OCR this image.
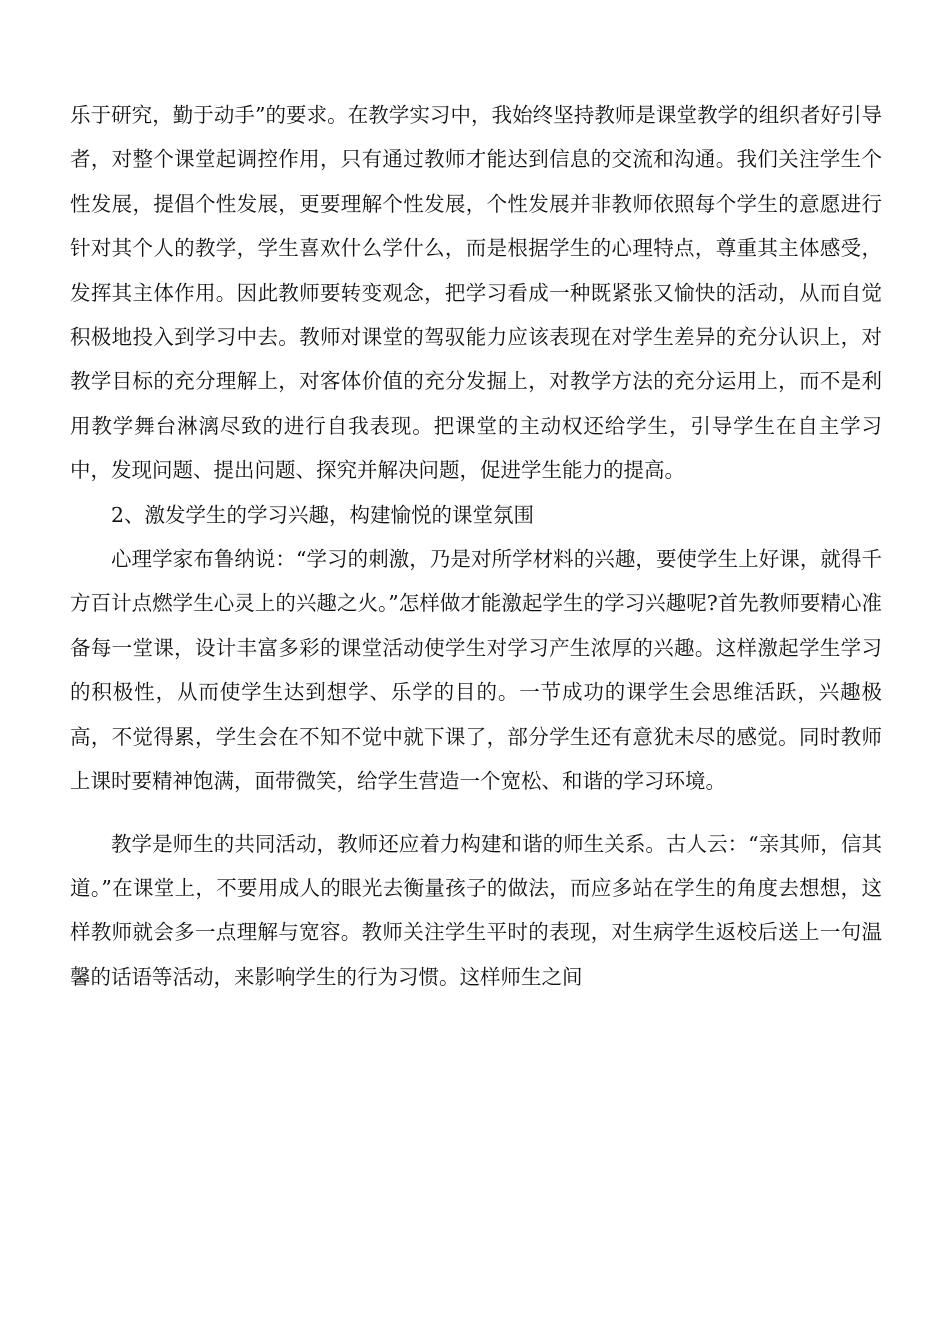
乐于研究，勤于动手”的要求。在教学实习中，我始终坚持教师是课堂教学的组织者好引导者，对整个课堂起调控作用，只有通过教师才能达到信息的交流和沟通。我们关注学生个性发展，提倡个性发展，更要理解个性发展，个性发展并非教师依照每个学生的意愿进行针对其个人的教学，学生喜欢什么学什么，而是根据学生的心理特点，尊重其主体感受，发挥其主体作用。因此教师要转变观念，把学习看成一种既紧张又愉快的活动，从而自觉积极地投入到学习中去。教师对课堂的驾驭能力应该表现在对学生差异的充分认识上，对教学目标的充分理解上，对客体价值的充分发掘上，对教学方法的充分运用上，而不是利用教学舞台淋漓尽致的进行自我表现。把课堂的主动权还给学生，引导学生在自主学习中，发现问题、提出问题、探究并解决问题，促进学生能力的提高。

2、激发学生的学习兴趣，构建愉悦的课堂氛围

心理学家布鲁纳说：“学习的刺激，乃是对所学材料的兴趣，要使学生上好课，就得千方百计点燃学生心灵上的兴趣之火。”怎样做才能激起学生的学习兴趣呢?首先教师要精心准备每一堂课，设计丰富多彩的课堂活动使学生对学习产生浓厚的兴趣。这样激起学生学习的积极性，从而使学生达到想学、乐学的目的。一节成功的课学生会思维活跃，兴趣极高，不觉得累，学生会在不知不觉中就下课了，部分学生还有意犹未尽的感觉。同时教师上课时要精神饱满，面带微笑，给学生营造一个宽松、和谐的学习环境。

教学是师生的共同活动，教师还应着力构建和谐的师生关系。古人云：“亲其师，信其道。”在课堂上，不要用成人的眼光去衡量孩子的做法，而应多站在学生的角度去想想，这样教师就会多一点理解与宽容。教师关注学生平时的表现，对生病学生返校后送上一句温馨的话语等活动，来影响学生的行为习惯。这样师生之间
